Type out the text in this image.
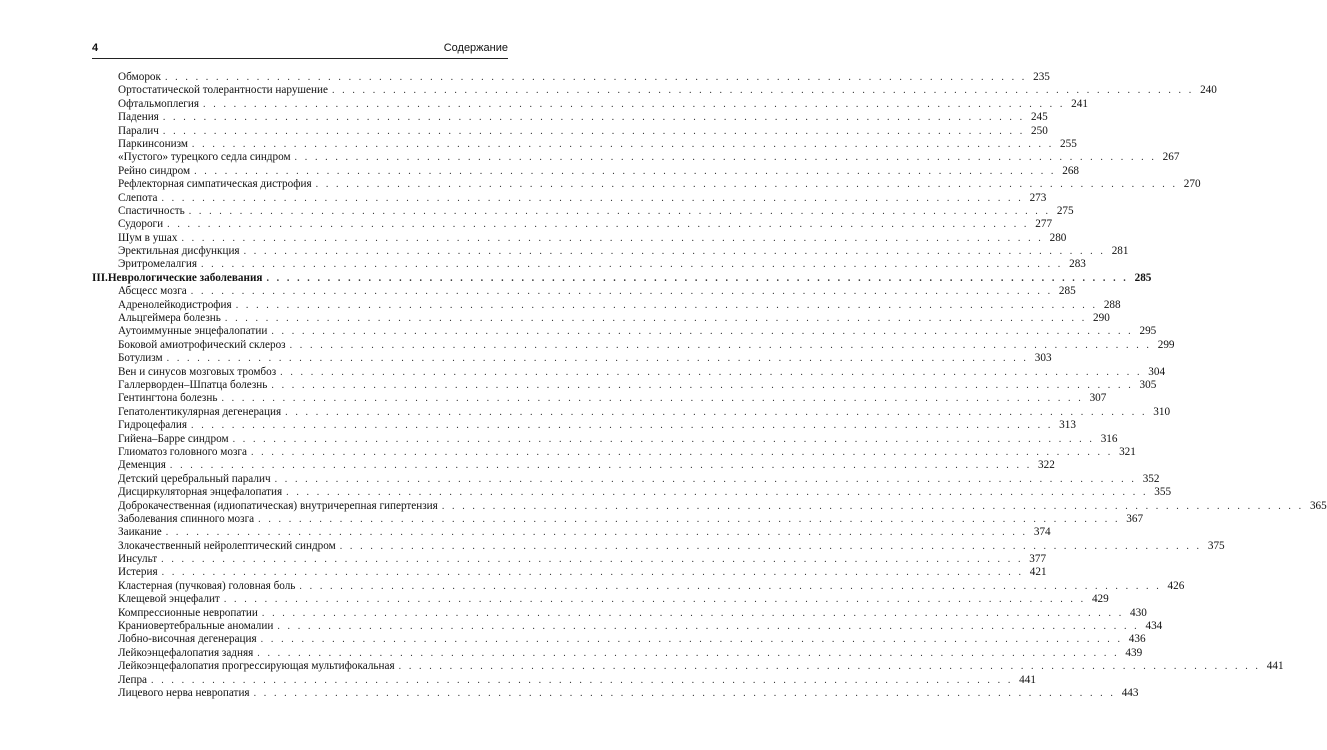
4	Содержание
Обморок . . . . . . . . . . . . . . . . . . . . . . . . . . . . . . . . . . . . . . . . . . . . . . . . . . . . . . . . . . . . . . . . . . . . . . . . . . . . . . . . . . . . . 235
Ортостатической толерантности нарушение . . . . . . . . . . . . . . . . . . . . . . . . . . . . . . . . . . . . . . . . . . . . . . . . . . . . . . . . . . . . . . . . . . . . . . . . . . . . . . . . . . . . . 240
Офтальмоплегия . . . . . . . . . . . . . . . . . . . . . . . . . . . . . . . . . . . . . . . . . . . . . . . . . . . . . . . . . . . . . . . . . . . . . . . . . . . . . . . . . . . . . 241
Падения . . . . . . . . . . . . . . . . . . . . . . . . . . . . . . . . . . . . . . . . . . . . . . . . . . . . . . . . . . . . . . . . . . . . . . . . . . . . . . . . . . . . . 245
Паралич . . . . . . . . . . . . . . . . . . . . . . . . . . . . . . . . . . . . . . . . . . . . . . . . . . . . . . . . . . . . . . . . . . . . . . . . . . . . . . . . . . . . . 250
Паркинсонизм . . . . . . . . . . . . . . . . . . . . . . . . . . . . . . . . . . . . . . . . . . . . . . . . . . . . . . . . . . . . . . . . . . . . . . . . . . . . . . . . . . . . . 255
«Пустого» турецкого седла синдром . . . . . . . . . . . . . . . . . . . . . . . . . . . . . . . . . . . . . . . . . . . . . . . . . . . . . . . . . . . . . . . . . . . . . . . . . . . . . . . . . . . . . 267
Рейно синдром . . . . . . . . . . . . . . . . . . . . . . . . . . . . . . . . . . . . . . . . . . . . . . . . . . . . . . . . . . . . . . . . . . . . . . . . . . . . . . . . . . . . . 268
Рефлекторная симпатическая дистрофия . . . . . . . . . . . . . . . . . . . . . . . . . . . . . . . . . . . . . . . . . . . . . . . . . . . . . . . . . . . . . . . . . . . . . . . . . . . . . . . . . . . . . 270
Слепота . . . . . . . . . . . . . . . . . . . . . . . . . . . . . . . . . . . . . . . . . . . . . . . . . . . . . . . . . . . . . . . . . . . . . . . . . . . . . . . . . . . . . 273
Спастичность . . . . . . . . . . . . . . . . . . . . . . . . . . . . . . . . . . . . . . . . . . . . . . . . . . . . . . . . . . . . . . . . . . . . . . . . . . . . . . . . . . . . . 275
Судороги . . . . . . . . . . . . . . . . . . . . . . . . . . . . . . . . . . . . . . . . . . . . . . . . . . . . . . . . . . . . . . . . . . . . . . . . . . . . . . . . . . . . . 277
Шум в ушах . . . . . . . . . . . . . . . . . . . . . . . . . . . . . . . . . . . . . . . . . . . . . . . . . . . . . . . . . . . . . . . . . . . . . . . . . . . . . . . . . . . . . 280
Эректильная дисфункция . . . . . . . . . . . . . . . . . . . . . . . . . . . . . . . . . . . . . . . . . . . . . . . . . . . . . . . . . . . . . . . . . . . . . . . . . . . . . . . . . . . . . 281
Эритромелалгия . . . . . . . . . . . . . . . . . . . . . . . . . . . . . . . . . . . . . . . . . . . . . . . . . . . . . . . . . . . . . . . . . . . . . . . . . . . . . . . . . . . . . 283
III. Неврологические заболевания . . . . . . . . . . . . . . . . . . . . . . . . . . . . . . . . . . . . . . . . . . . . . . . . . . . . . . . . . . . . . . . . . . . . . . . . . . . . . . . . . . . . . 285
Абсцесс мозга . . . . . . . . . . . . . . . . . . . . . . . . . . . . . . . . . . . . . . . . . . . . . . . . . . . . . . . . . . . . . . . . . . . . . . . . . . . . . . . . . . . . . 285
Адренолейкодистрофия . . . . . . . . . . . . . . . . . . . . . . . . . . . . . . . . . . . . . . . . . . . . . . . . . . . . . . . . . . . . . . . . . . . . . . . . . . . . . . . . . . . . . 288
Альцгеймера болезнь . . . . . . . . . . . . . . . . . . . . . . . . . . . . . . . . . . . . . . . . . . . . . . . . . . . . . . . . . . . . . . . . . . . . . . . . . . . . . . . . . . . . . 290
Аутоиммунные энцефалопатии . . . . . . . . . . . . . . . . . . . . . . . . . . . . . . . . . . . . . . . . . . . . . . . . . . . . . . . . . . . . . . . . . . . . . . . . . . . . . . . . . . . . . 295
Боковой амиотрофический склероз . . . . . . . . . . . . . . . . . . . . . . . . . . . . . . . . . . . . . . . . . . . . . . . . . . . . . . . . . . . . . . . . . . . . . . . . . . . . . . . . . . . . . 299
Ботулизм . . . . . . . . . . . . . . . . . . . . . . . . . . . . . . . . . . . . . . . . . . . . . . . . . . . . . . . . . . . . . . . . . . . . . . . . . . . . . . . . . . . . . 303
Вен и синусов мозговых тромбоз . . . . . . . . . . . . . . . . . . . . . . . . . . . . . . . . . . . . . . . . . . . . . . . . . . . . . . . . . . . . . . . . . . . . . . . . . . . . . . . . . . . . . 304
Галлерворден–Шпатца болезнь . . . . . . . . . . . . . . . . . . . . . . . . . . . . . . . . . . . . . . . . . . . . . . . . . . . . . . . . . . . . . . . . . . . . . . . . . . . . . . . . . . . . . 305
Гентингтона болезнь . . . . . . . . . . . . . . . . . . . . . . . . . . . . . . . . . . . . . . . . . . . . . . . . . . . . . . . . . . . . . . . . . . . . . . . . . . . . . . . . . . . . . 307
Гепатолентикулярная дегенерация . . . . . . . . . . . . . . . . . . . . . . . . . . . . . . . . . . . . . . . . . . . . . . . . . . . . . . . . . . . . . . . . . . . . . . . . . . . . . . . . . . . . . 310
Гидроцефалия . . . . . . . . . . . . . . . . . . . . . . . . . . . . . . . . . . . . . . . . . . . . . . . . . . . . . . . . . . . . . . . . . . . . . . . . . . . . . . . . . . . . . 313
Гийена–Барре синдром . . . . . . . . . . . . . . . . . . . . . . . . . . . . . . . . . . . . . . . . . . . . . . . . . . . . . . . . . . . . . . . . . . . . . . . . . . . . . . . . . . . . . 316
Глиоматоз головного мозга . . . . . . . . . . . . . . . . . . . . . . . . . . . . . . . . . . . . . . . . . . . . . . . . . . . . . . . . . . . . . . . . . . . . . . . . . . . . . . . . . . . . . 321
Деменция . . . . . . . . . . . . . . . . . . . . . . . . . . . . . . . . . . . . . . . . . . . . . . . . . . . . . . . . . . . . . . . . . . . . . . . . . . . . . . . . . . . . . 322
Детский церебральный паралич . . . . . . . . . . . . . . . . . . . . . . . . . . . . . . . . . . . . . . . . . . . . . . . . . . . . . . . . . . . . . . . . . . . . . . . . . . . . . . . . . . . . . 352
Дисциркуляторная энцефалопатия . . . . . . . . . . . . . . . . . . . . . . . . . . . . . . . . . . . . . . . . . . . . . . . . . . . . . . . . . . . . . . . . . . . . . . . . . . . . . . . . . . . . . 355
Доброкачественная (идиопатическая) внутричерепная гипертензия . . . . . . . . . . . . . . . . . . . . . . . . . . . . . . . . . . . . . . . . . . . . . . . . . . . . . . . . . . . . . . . . . . . . . . . . . . . . . . . . . . . . . 365
Заболевания спинного мозга . . . . . . . . . . . . . . . . . . . . . . . . . . . . . . . . . . . . . . . . . . . . . . . . . . . . . . . . . . . . . . . . . . . . . . . . . . . . . . . . . . . . . 367
Заикание . . . . . . . . . . . . . . . . . . . . . . . . . . . . . . . . . . . . . . . . . . . . . . . . . . . . . . . . . . . . . . . . . . . . . . . . . . . . . . . . . . . . . 374
Злокачественный нейролептический синдром . . . . . . . . . . . . . . . . . . . . . . . . . . . . . . . . . . . . . . . . . . . . . . . . . . . . . . . . . . . . . . . . . . . . . . . . . . . . . . . . . . . . . 375
Инсульт . . . . . . . . . . . . . . . . . . . . . . . . . . . . . . . . . . . . . . . . . . . . . . . . . . . . . . . . . . . . . . . . . . . . . . . . . . . . . . . . . . . . . 377
Истерия . . . . . . . . . . . . . . . . . . . . . . . . . . . . . . . . . . . . . . . . . . . . . . . . . . . . . . . . . . . . . . . . . . . . . . . . . . . . . . . . . . . . . 421
Кластерная (пучковая) головная боль . . . . . . . . . . . . . . . . . . . . . . . . . . . . . . . . . . . . . . . . . . . . . . . . . . . . . . . . . . . . . . . . . . . . . . . . . . . . . . . . . . . . . 426
Клещевой энцефалит . . . . . . . . . . . . . . . . . . . . . . . . . . . . . . . . . . . . . . . . . . . . . . . . . . . . . . . . . . . . . . . . . . . . . . . . . . . . . . . . . . . . . 429
Компрессионные невропатии . . . . . . . . . . . . . . . . . . . . . . . . . . . . . . . . . . . . . . . . . . . . . . . . . . . . . . . . . . . . . . . . . . . . . . . . . . . . . . . . . . . . . 430
Краниовертебральные аномалии . . . . . . . . . . . . . . . . . . . . . . . . . . . . . . . . . . . . . . . . . . . . . . . . . . . . . . . . . . . . . . . . . . . . . . . . . . . . . . . . . . . . . 434
Лобно-височная дегенерация . . . . . . . . . . . . . . . . . . . . . . . . . . . . . . . . . . . . . . . . . . . . . . . . . . . . . . . . . . . . . . . . . . . . . . . . . . . . . . . . . . . . . 436
Лейкоэнцефалопатия задняя . . . . . . . . . . . . . . . . . . . . . . . . . . . . . . . . . . . . . . . . . . . . . . . . . . . . . . . . . . . . . . . . . . . . . . . . . . . . . . . . . . . . . 439
Лейкоэнцефалопатия прогрессирующая мультифокальная . . . . . . . . . . . . . . . . . . . . . . . . . . . . . . . . . . . . . . . . . . . . . . . . . . . . . . . . . . . . . . . . . . . . . . . . . . . . . . . . . . . . . 441
Лепра . . . . . . . . . . . . . . . . . . . . . . . . . . . . . . . . . . . . . . . . . . . . . . . . . . . . . . . . . . . . . . . . . . . . . . . . . . . . . . . . . . . . . 441
Лицевого нерва невропатия . . . . . . . . . . . . . . . . . . . . . . . . . . . . . . . . . . . . . . . . . . . . . . . . . . . . . . . . . . . . . . . . . . . . . . . . . . . . . . . . . . . . . 443
